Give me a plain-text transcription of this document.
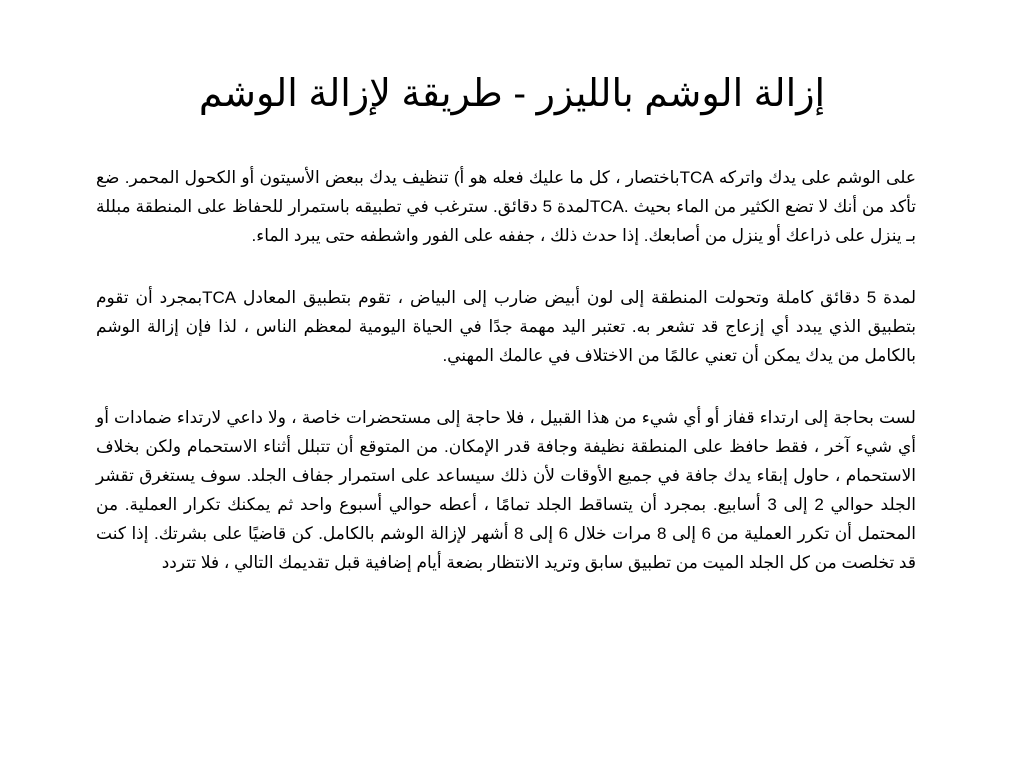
إزالة الوشم بالليزر - طريقة لإزالة الوشم

على الوشم على يدك واتركه TCAباختصار ، كل ما عليك فعله هو أ) تنظيف يدك ببعض الأسيتون أو الكحول المحمر. ضع تأكد من أنك لا تضع الكثير من الماء بحيث .TCAلمدة 5 دقائق. سترغب في تطبيقه باستمرار للحفاظ على المنطقة مبللة بـ ينزل على ذراعك أو ينزل من أصابعك. إذا حدث ذلك ، جففه على الفور واشطفه حتى يبرد الماء.

لمدة 5 دقائق كاملة وتحولت المنطقة إلى لون أبيض ضارب إلى البياض ، تقوم بتطبيق المعادل TCAبمجرد أن تقوم بتطبيق الذي يبدد أي إزعاج قد تشعر به. تعتبر اليد مهمة جدًا في الحياة اليومية لمعظم الناس ، لذا فإن إزالة الوشم بالكامل من يدك يمكن أن تعني عالمًا من الاختلاف في عالمك المهني.

لست بحاجة إلى ارتداء قفاز أو أي شيء من هذا القبيل ، فلا حاجة إلى مستحضرات خاصة ، ولا داعي لارتداء ضمادات أو أي شيء آخر ، فقط حافظ على المنطقة نظيفة وجافة قدر الإمكان. من المتوقع أن تتبلل أثناء الاستحمام ولكن بخلاف الاستحمام ، حاول إبقاء يدك جافة في جميع الأوقات لأن ذلك سيساعد على استمرار جفاف الجلد. سوف يستغرق تقشر الجلد حوالي 2 إلى 3 أسابيع. بمجرد أن يتساقط الجلد تمامًا ، أعطه حوالي أسبوع واحد ثم يمكنك تكرار العملية. من المحتمل أن تكرر العملية من 6 إلى 8 مرات خلال 6 إلى 8 أشهر لإزالة الوشم بالكامل. كن قاضيًا على بشرتك. إذا كنت قد تخلصت من كل الجلد الميت من تطبيق سابق وتريد الانتظار بضعة أيام إضافية قبل تقديمك التالي ، فلا تتردد
